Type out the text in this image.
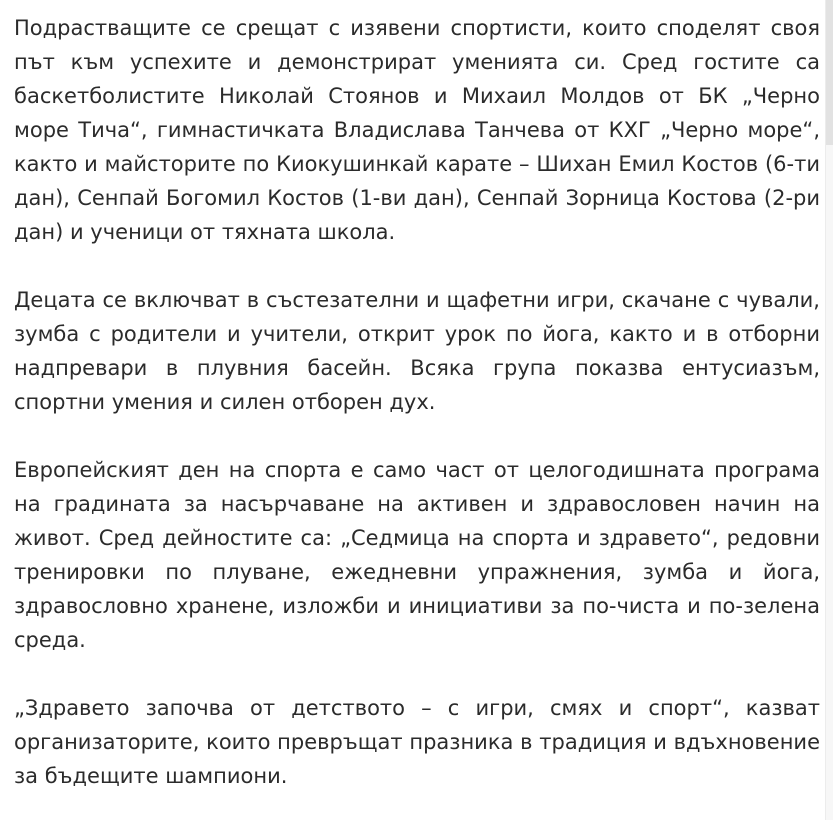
Подрастващите се срещат с изявени спортисти, които споделят своя път към успехите и демонстрират уменията си. Сред гостите са баскетболистите Николай Стоянов и Михаил Молдов от БК „Черно море Тича“, гимнастичката Владислава Танчева от КХГ „Черно море“, както и майсторите по Киокушинкай карате – Шихан Емил Костов (6-ти дан), Сенпай Богомил Костов (1-ви дан), Сенпай Зорница Костова (2-ри дан) и ученици от тяхната школа.

Децата се включват в състезателни и щафетни игри, скачане с чували, зумба с родители и учители, открит урок по йога, както и в отборни надпревари в плувния басейн. Всяка група показва ентусиазъм, спортни умения и силен отборен дух.

Европейският ден на спорта е само част от целогодишната програма на градината за насърчаване на активен и здравословен начин на живот. Сред дейностите са: „Седмица на спорта и здравето“, редовни тренировки по плуване, ежедневни упражнения, зумба и йога, здравословно хранене, изложби и инициативи за по-чиста и по-зелена среда.

„Здравето започва от детството – с игри, смях и спорт“, казват организаторите, които превръщат празника в традиция и вдъхновение за бъдещите шампиони.
